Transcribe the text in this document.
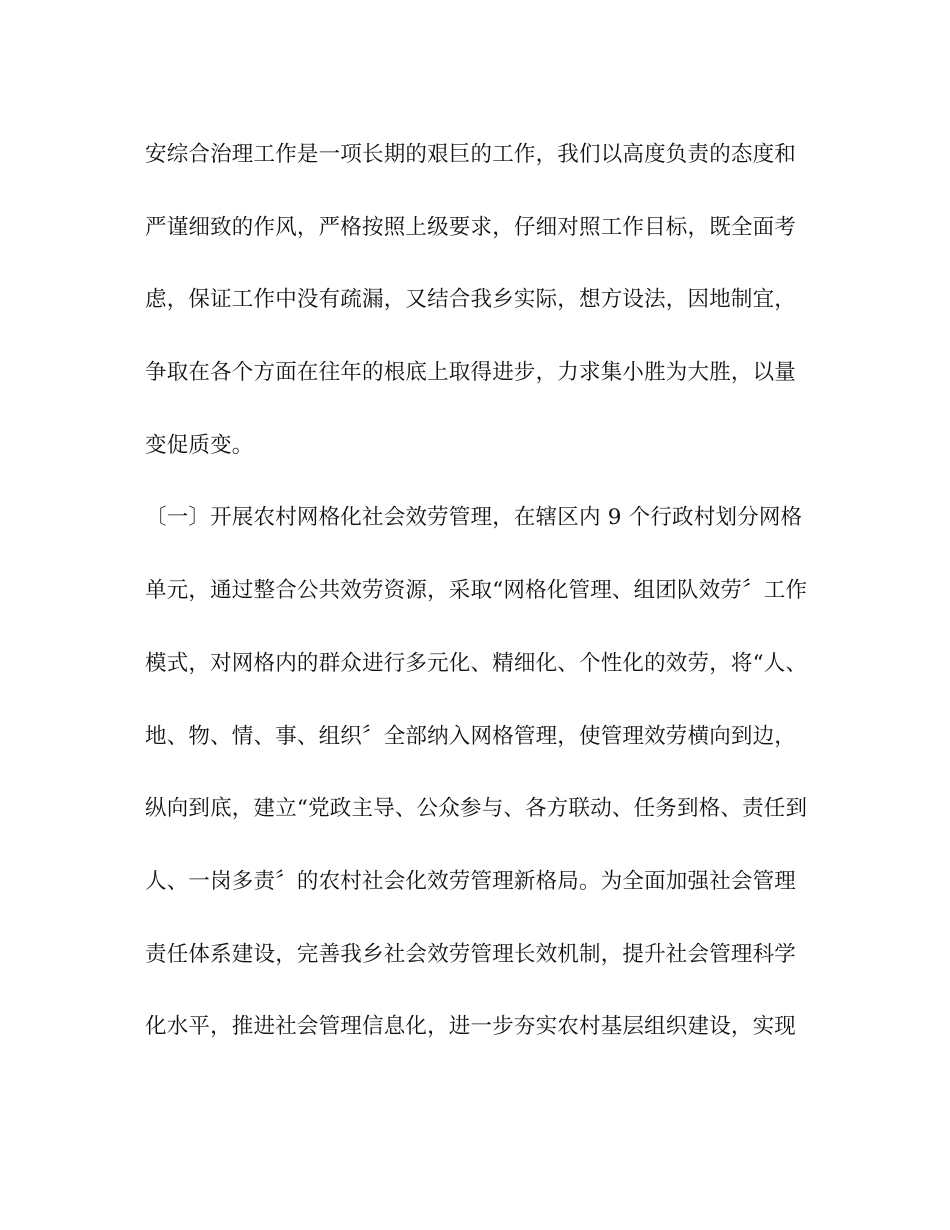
安综合治理工作是一项长期的艰巨的工作，我们以高度负责的态度和
严谨细致的作风，严格按照上级要求，仔细对照工作目标，既全面考
虑，保证工作中没有疏漏，又结合我乡实际，想方设法，因地制宜，
争取在各个方面在往年的根底上取得进步，力求集小胜为大胜，以量
变促质变。
〔一〕开展农村网格化社会效劳管理，在辖区内 9 个行政村划分网格
单元，通过整合公共效劳资源，采取“网格化管理、组团队效劳〞工作
模式，对网格内的群众进行多元化、精细化、个性化的效劳，将“人、
地、物、情、事、组织〞全部纳入网格管理，使管理效劳横向到边，
纵向到底，建立“党政主导、公众参与、各方联动、任务到格、责任到
人、一岗多责〞的农村社会化效劳管理新格局。为全面加强社会管理
责任体系建设，完善我乡社会效劳管理长效机制，提升社会管理科学
化水平，推进社会管理信息化，进一步夯实农村基层组织建设，实现
